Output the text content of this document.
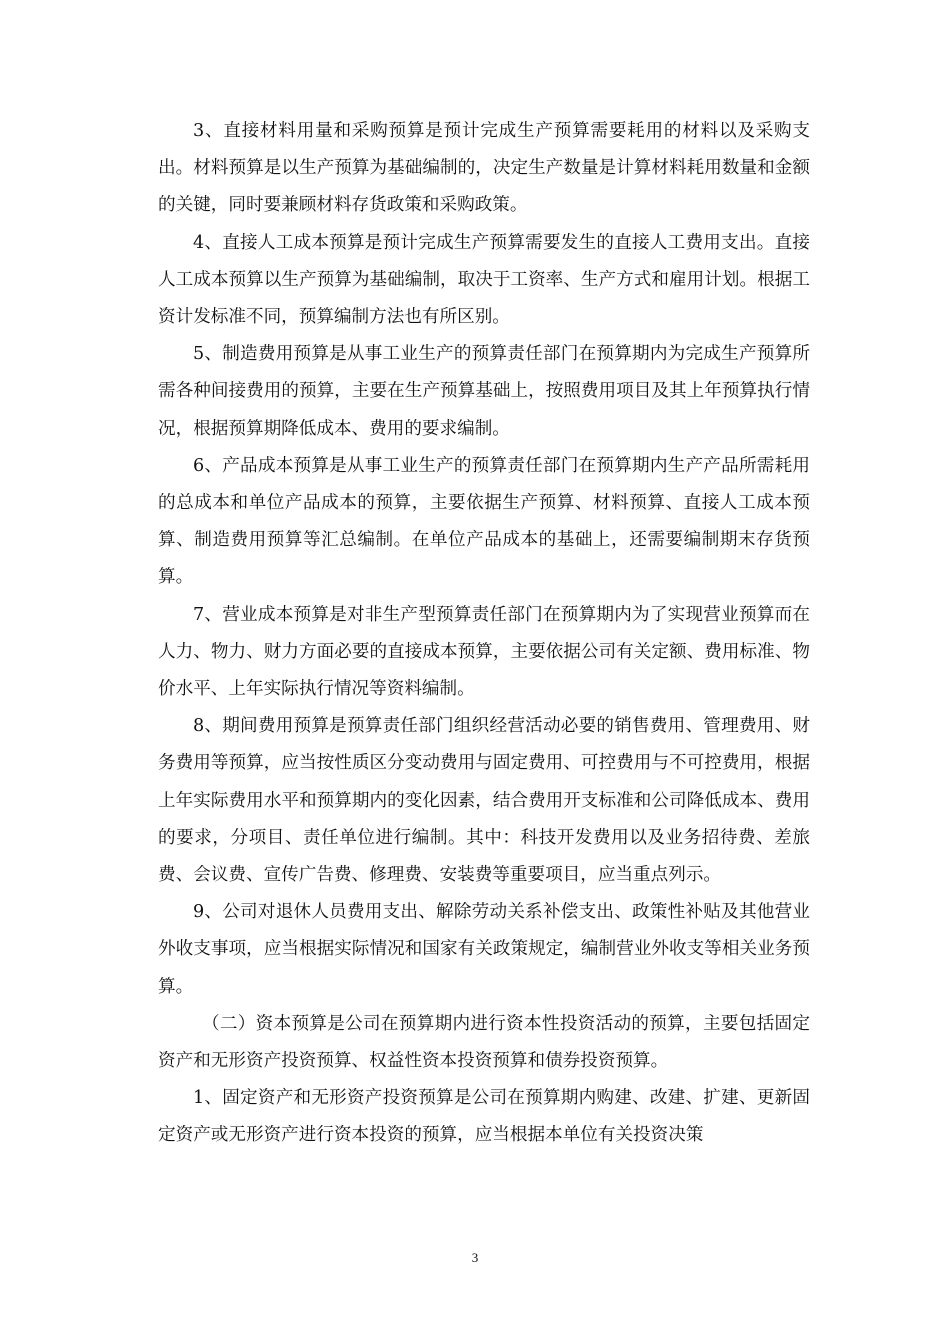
3、直接材料用量和采购预算是预计完成生产预算需要耗用的材料以及采购支出。材料预算是以生产预算为基础编制的，决定生产数量是计算材料耗用数量和金额的关键，同时要兼顾材料存货政策和采购政策。

4、直接人工成本预算是预计完成生产预算需要发生的直接人工费用支出。直接人工成本预算以生产预算为基础编制，取决于工资率、生产方式和雇用计划。根据工资计发标准不同，预算编制方法也有所区别。

5、制造费用预算是从事工业生产的预算责任部门在预算期内为完成生产预算所需各种间接费用的预算，主要在生产预算基础上，按照费用项目及其上年预算执行情况，根据预算期降低成本、费用的要求编制。

6、产品成本预算是从事工业生产的预算责任部门在预算期内生产产品所需耗用的总成本和单位产品成本的预算，主要依据生产预算、材料预算、直接人工成本预算、制造费用预算等汇总编制。在单位产品成本的基础上，还需要编制期末存货预算。

7、营业成本预算是对非生产型预算责任部门在预算期内为了实现营业预算而在人力、物力、财力方面必要的直接成本预算，主要依据公司有关定额、费用标准、物价水平、上年实际执行情况等资料编制。

8、期间费用预算是预算责任部门组织经营活动必要的销售费用、管理费用、财务费用等预算，应当按性质区分变动费用与固定费用、可控费用与不可控费用，根据上年实际费用水平和预算期内的变化因素，结合费用开支标准和公司降低成本、费用的要求，分项目、责任单位进行编制。其中：科技开发费用以及业务招待费、差旅费、会议费、宣传广告费、修理费、安装费等重要项目，应当重点列示。

9、公司对退休人员费用支出、解除劳动关系补偿支出、政策性补贴及其他营业外收支事项，应当根据实际情况和国家有关政策规定，编制营业外收支等相关业务预算。

（二）资本预算是公司在预算期内进行资本性投资活动的预算，主要包括固定资产和无形资产投资预算、权益性资本投资预算和债券投资预算。

1、固定资产和无形资产投资预算是公司在预算期内购建、改建、扩建、更新固定资产或无形资产进行资本投资的预算，应当根据本单位有关投资决策

3
